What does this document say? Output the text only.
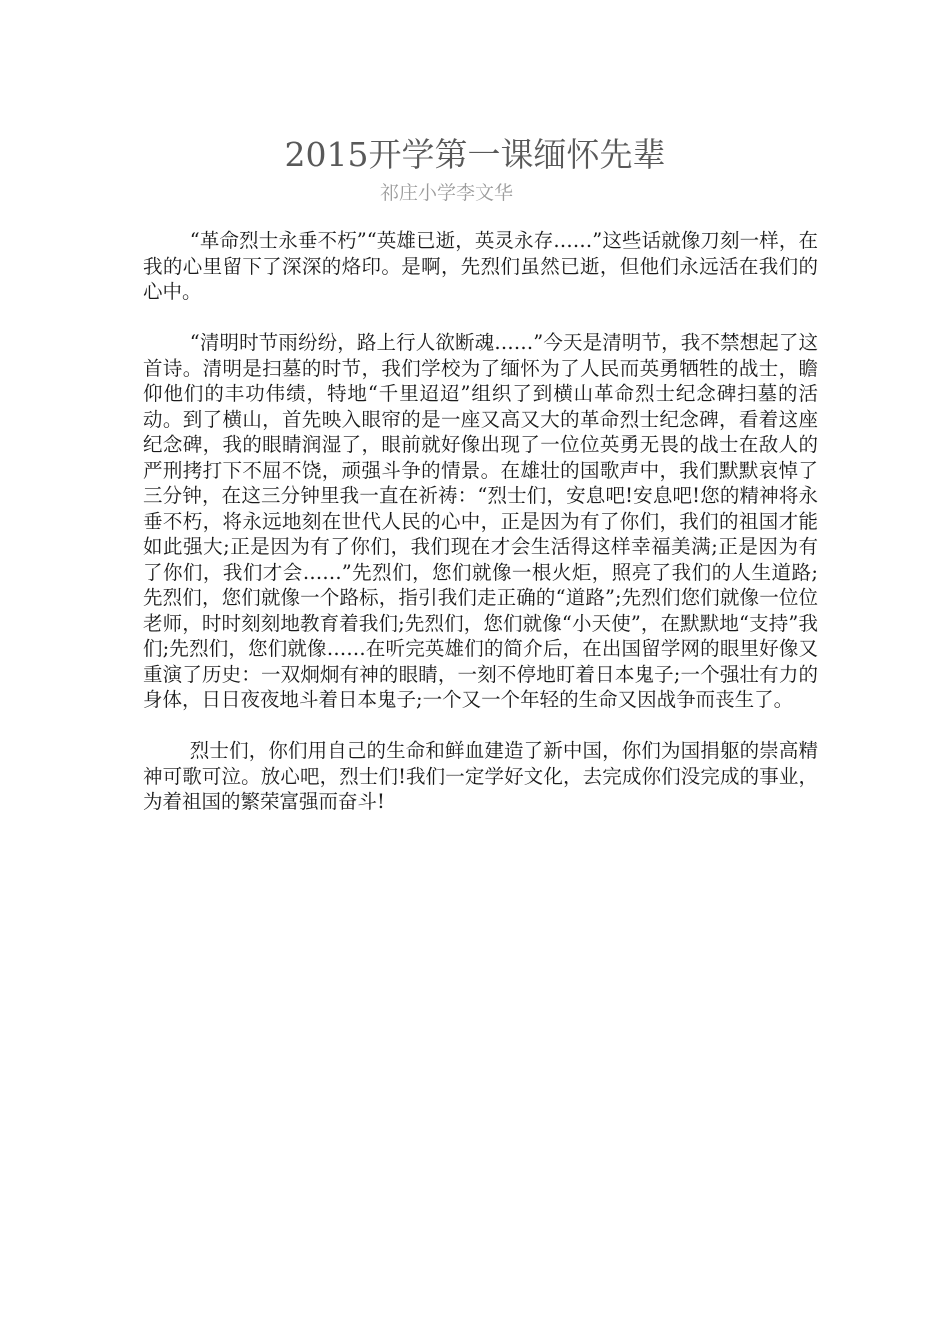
2015开学第一课缅怀先辈
祁庄小学李文华

“革命烈士永垂不朽”“英雄已逝，英灵永存……”这些话就像刀刻一样，在我的心里留下了深深的烙印。是啊，先烈们虽然已逝，但他们永远活在我们的心中。

“清明时节雨纷纷，路上行人欲断魂……”今天是清明节，我不禁想起了这首诗。清明是扫墓的时节，我们学校为了缅怀为了人民而英勇牺牲的战士，瞻仰他们的丰功伟绩，特地“千里迢迢”组织了到横山革命烈士纪念碑扫墓的活动。到了横山，首先映入眼帘的是一座又高又大的革命烈士纪念碑，看着这座纪念碑，我的眼睛润湿了，眼前就好像出现了一位位英勇无畏的战士在敌人的严刑拷打下不屈不饶，顽强斗争的情景。在雄壮的国歌声中，我们默默哀悼了三分钟，在这三分钟里我一直在祈祷：“烈士们，安息吧!安息吧!您的精神将永垂不朽，将永远地刻在世代人民的心中，正是因为有了你们，我们的祖国才能如此强大;正是因为有了你们，我们现在才会生活得这样幸福美满;正是因为有了你们，我们才会……”先烈们，您们就像一根火炬，照亮了我们的人生道路;先烈们，您们就像一个路标，指引我们走正确的“道路”;先烈们您们就像一位位老师，时时刻刻地教育着我们;先烈们，您们就像“小天使”，在默默地“支持”我们;先烈们，您们就像……在听完英雄们的简介后，在出国留学网的眼里好像又重演了历史：一双炯炯有神的眼睛，一刻不停地盯着日本鬼子;一个强壮有力的身体，日日夜夜地斗着日本鬼子;一个又一个年轻的生命又因战争而丧生了。

烈士们，你们用自己的生命和鲜血建造了新中国，你们为国捐躯的崇高精神可歌可泣。放心吧，烈士们!我们一定学好文化，去完成你们没完成的事业，为着祖国的繁荣富强而奋斗!
